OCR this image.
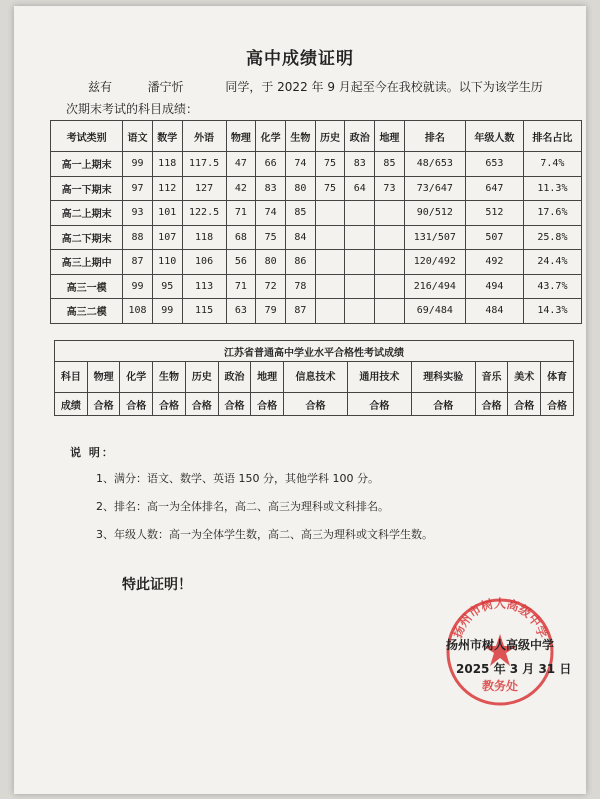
高中成绩证明
兹有	潘宁忻	同学，于 2022 年 9 月起至今在我校就读。以下为该学生历
次期末考试的科目成绩：
考试类别	语文	数学	外语	物理	化学	生物	历史	政治	地理	排名	年级人数	排名占比
高一上期末	99	118	117.5	47	66	74	75	83	85	48/653	653	7.4%
高一下期末	97	112	127	42	83	80	75	64	73	73/647	647	11.3%
高二上期末	93	101	122.5	71	74	85				90/512	512	17.6%
高二下期末	88	107	118	68	75	84				131/507	507	25.8%
高三上期中	87	110	106	56	80	86				120/492	492	24.4%
高三一模	99	95	113	71	72	78				216/494	494	43.7%
高三二模	108	99	115	63	79	87				69/484	484	14.3%
江苏省普通高中学业水平合格性考试成绩												
科目	物理	化学	生物	历史	政治	地理	信息技术	通用技术	理科实验	音乐	美术	体育
成绩	合格	合格	合格	合格	合格	合格	合格	合格	合格	合格	合格	合格
说 明：
1、满分：语文、数学、英语 150 分，其他学科 100 分。
2、排名：高一为全体排名，高二、高三为理科或文科排名。
3、年级人数：高一为全体学生数，高二、高三为理科或文科学生数。
特此证明！
扬州市树人高级中学
教务处
扬州市树人高级中学
2025 年 3 月 31 日
